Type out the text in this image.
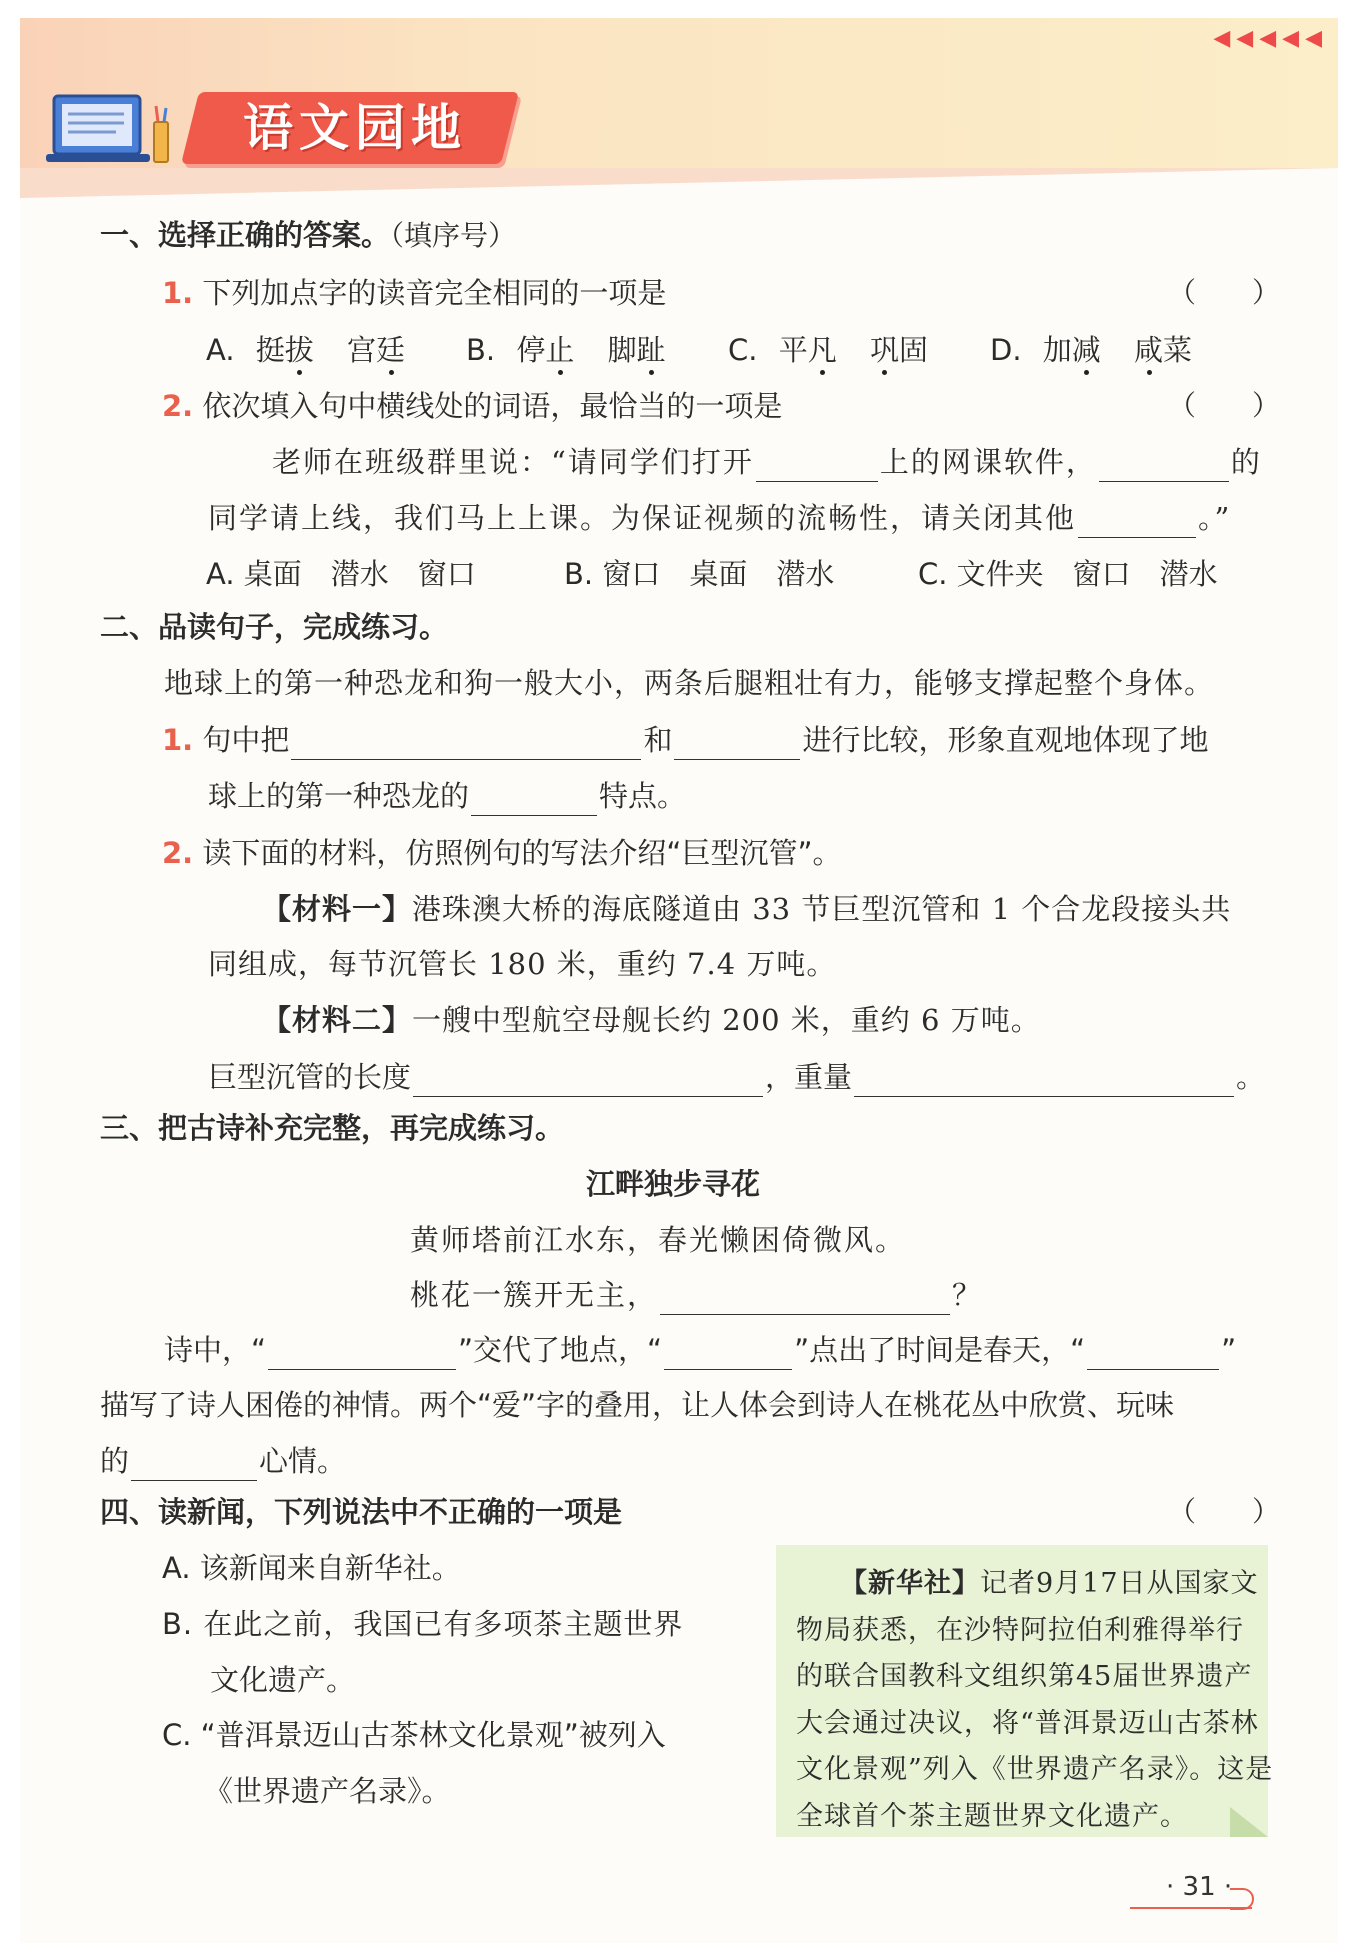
◀◀◀◀◀
语文园地
一、选择正确的答案。（填序号）
1. 下列加点字的读音完全相同的一项是	（　　）
A. 挺拔 宫廷 B. 停止 脚趾 C. 平凡 巩固 D. 加减 咸菜
2. 依次填入句中横线处的词语，最恰当的一项是	（　　）
老师在班级群里说：“请同学们打开	上的网课软件，	的
同学请上线，我们马上上课。为保证视频的流畅性，请关闭其他	。”
A. 桌面　潜水　窗口	B. 窗口　桌面　潜水	C. 文件夹　窗口　潜水
二、品读句子，完成练习。
地球上的第一种恐龙和狗一般大小，两条后腿粗壮有力，能够支撑起整个身体。
1. 句中把	和	进行比较，形象直观地体现了地
球上的第一种恐龙的	特点。
2. 读下面的材料，仿照例句的写法介绍“巨型沉管”。
【材料一】港珠澳大桥的海底隧道由 33 节巨型沉管和 1 个合龙段接头共
同组成，每节沉管长 180 米，重约 7.4 万吨。
【材料二】一艘中型航空母舰长约 200 米，重约 6 万吨。
巨型沉管的长度	，重量	。
三、把古诗补充完整，再完成练习。
江畔独步寻花
黄师塔前江水东，春光懒困倚微风。
桃花一簇开无主，	？
诗中，“	”交代了地点，“	”点出了时间是春天，“	”
描写了诗人困倦的神情。两个“爱”字的叠用，让人体会到诗人在桃花丛中欣赏、玩味
的	心情。
四、读新闻，下列说法中不正确的一项是	（　　）
A. 该新闻来自新华社。
B. 在此之前，我国已有多项茶主题世界
文化遗产。
C. “普洱景迈山古茶林文化景观”被列入
《世界遗产名录》。
【新华社】记者9月17日从国家文
物局获悉，在沙特阿拉伯利雅得举行
的联合国教科文组织第45届世界遗产
大会通过决议，将“普洱景迈山古茶林
文化景观”列入《世界遗产名录》。这是
全球首个茶主题世界文化遗产。
· 31 ·
